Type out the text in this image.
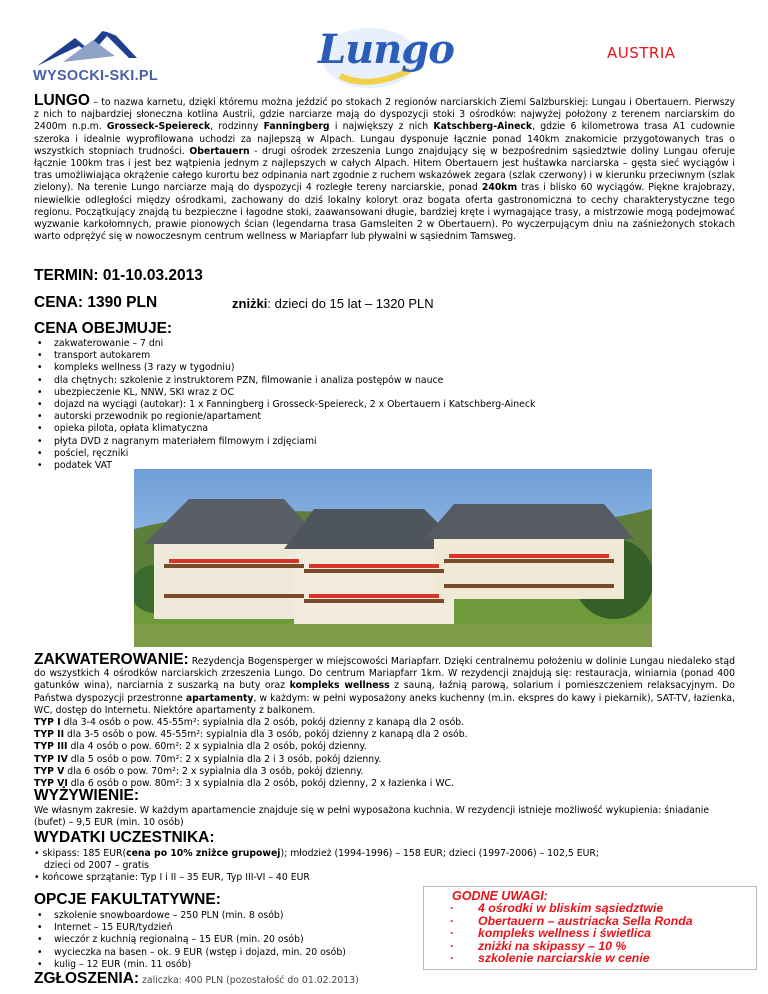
WYSOCKI-SKI.PL
Lungo	AUSTRIA
LUNGO – to nazwa karnetu, dzięki któremu można jeździć po stokach 2 regionów narciarskich Ziemi Salzburskiej: Lungau i Obertauern. Pierwszy z nich to najbardziej słoneczna kotlina Austrii, gdzie narciarze mają do dyspozycji stoki 3 ośrodków: najwyżej położony z terenem narciarskim do 2400m n.p.m. Grosseck-Speiereck, rodzinny Fanningberg i największy z nich Katschberg-Aineck, gdzie 6 kilometrowa trasa A1 cudownie szeroka i idealnie wyprofilowana uchodzi za najlepszą w Alpach. Lungau dysponuje łącznie ponad 140km znakomicie przygotowanych tras o wszystkich stopniach trudności. Obertauern - drugi ośrodek zrzeszenia Lungo znajdujący się w bezpośrednim sąsiedztwie doliny Lungau oferuje łącznie 100km tras i jest bez wątpienia jednym z najlepszych w całych Alpach. Hitem Obertauern jest huśtawka narciarska – gęsta sieć wyciągów i tras umożliwiająca okrążenie całego kurortu bez odpinania nart zgodnie z ruchem wskazówek zegara (szlak czerwony) i w kierunku przeciwnym (szlak zielony). Na terenie Lungo narciarze mają do dyspozycji 4 rozległe tereny narciarskie, ponad 240km tras i blisko 60 wyciągów. Piękne krajobrazy, niewielkie odległości między ośrodkami, zachowany do dziś lokalny koloryt oraz bogata oferta gastronomiczna to cechy charakterystyczne tego regionu. Początkujący znajdą tu bezpieczne i łagodne stoki, zaawansowani długie, bardziej kręte i wymagające trasy, a mistrzowie mogą podejmować wyzwanie karkołomnych, prawie pionowych ścian (legendarna trasa Gamsleiten 2 w Obertauern). Po wyczerpującym dniu na zaśnieżonych stokach warto odprężyć się w nowoczesnym centrum wellness w Mariapfarr lub pływalni w sąsiednim Tamsweg.
TERMIN: 01-10.03.2013
CENA: 1390 PLN	zniżki: dzieci do 15 lat – 1320 PLN
CENA OBEJMUJE:
• zakwaterowanie – 7 dni
• transport autokarem
• kompleks wellness (3 razy w tygodniu)
• dla chętnych: szkolenie z instruktorem PZN, filmowanie i analiza postępów w nauce
• ubezpieczenie KL, NNW, SKI wraz z OC
• dojazd na wyciągi (autokar): 1 x Fanningberg i Grosseck-Speiereck, 2 x Obertauern i Katschberg-Aineck
• autorski przewodnik po regionie/apartament
• opieka pilota, opłata klimatyczna
• płyta DVD z nagranym materiałem filmowym i zdjęciami
• pościel, ręczniki
• podatek VAT
ZAKWATEROWANIE: Rezydencja Bogensperger w miejscowości Mariapfarr. Dzięki centralnemu położeniu w dolinie Lungau niedaleko stąd do wszystkich 4 ośrodków narciarskich zrzeszenia Lungo. Do centrum Mariapfarr 1km. W rezydencji znajdują się: restauracja, winiarnia (ponad 400 gatunków wina), narciarnia z suszarką na buty oraz kompleks wellness z sauną, łaźnią parową, solarium i pomieszczeniem relaksacyjnym. Do Państwa dyspozycji przestronne apartamenty, w każdym: w pełni wyposażony aneks kuchenny (m.in. ekspres do kawy i piekarnik), SAT-TV, łazienka, WC, dostęp do Internetu. Niektóre apartamenty z balkonem.
TYP I dla 3-4 osób o pow. 45-55m²: sypialnia dla 2 osób, pokój dzienny z kanapą dla 2 osób.
TYP II dla 3-5 osób o pow. 45-55m²: sypialnia dla 3 osób, pokój dzienny z kanapą dla 2 osób.
TYP III dla 4 osób o pow. 60m²: 2 x sypialnia dla 2 osób, pokój dzienny.
TYP IV dla 5 osób o pow. 70m²: 2 x sypialnia dla 2 i 3 osób, pokój dzienny.
TYP V dla 6 osób o pow. 70m²: 2 x sypialnia dla 3 osób, pokój dzienny.
TYP VI dla 6 osób o pow. 80m²: 3 x sypialnia dla 2 osób, pokój dzienny, 2 x łazienka i WC.
WYŻYWIENIE:
We własnym zakresie. W każdym apartamencie znajduje się w pełni wyposażona kuchnia. W rezydencji istnieje możliwość wykupienia: śniadanie (bufet) – 9,5 EUR (min. 10 osób)
WYDATKI UCZESTNIKA:
• skipass: 185 EUR(cena po 10% zniżce grupowej); młodzież (1994-1996) – 158 EUR; dzieci (1997-2006) – 102,5 EUR;
dzieci od 2007 – gratis
• końcowe sprzątanie: Typ I i II – 35 EUR, Typ III-VI – 40 EUR
OPCJE FAKULTATYWNE:
• szkolenie snowboardowe – 250 PLN (min. 8 osób)
• Internet – 15 EUR/tydzień
• wieczór z kuchnią regionalną – 15 EUR (min. 20 osób)
• wycieczka na basen – ok. 9 EUR (wstęp i dojazd, min. 20 osób)
• kulig – 12 EUR (min. 11 osób)
ZGŁOSZENIA: zaliczka: 400 PLN (pozostałość do 01.02.2013)
GODNE UWAGI:
· 4 ośrodki w bliskim sąsiedztwie
· Obertauern – austriacka Sella Ronda
· kompleks wellness i świetlica
· zniżki na skipassy – 10 %
· szkolenie narciarskie w cenie
